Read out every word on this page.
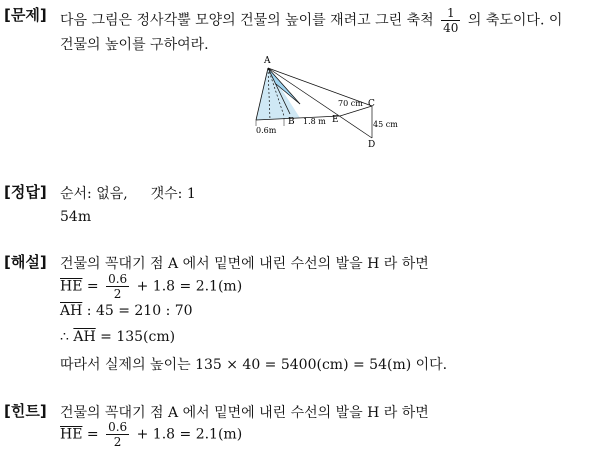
[문제] 다음 그림은 정사각뿔 모양의 건물의 높이를 재려고 그린 축척 $\frac{1}{40}$ 의 축도이다. 이
건물의 높이를 구하여라.
A
B	E
C
D
0.6m
1.8 m
70 cm
45 cm
[정답] 순서: 없음, 갯수: 1
54m
[해설] 건물의 꼭대기 점 A 에서 밑면에 내린 수선의 발을 H 라 하면
$\overline{HE} = \frac{0.6}{2} + 1.8 = 2.1(m)$
$\overline{AH}$ : 45 = 210 : 70
∴ $\overline{AH} = 135(cm)$
따라서 실제의 높이는 135 × 40 = 5400(cm) = 54(m) 이다.
[힌트] 건물의 꼭대기 점 A 에서 밑면에 내린 수선의 발을 H 라 하면
$\overline{HE} = \frac{0.6}{2} + 1.8 = 2.1(m)$
